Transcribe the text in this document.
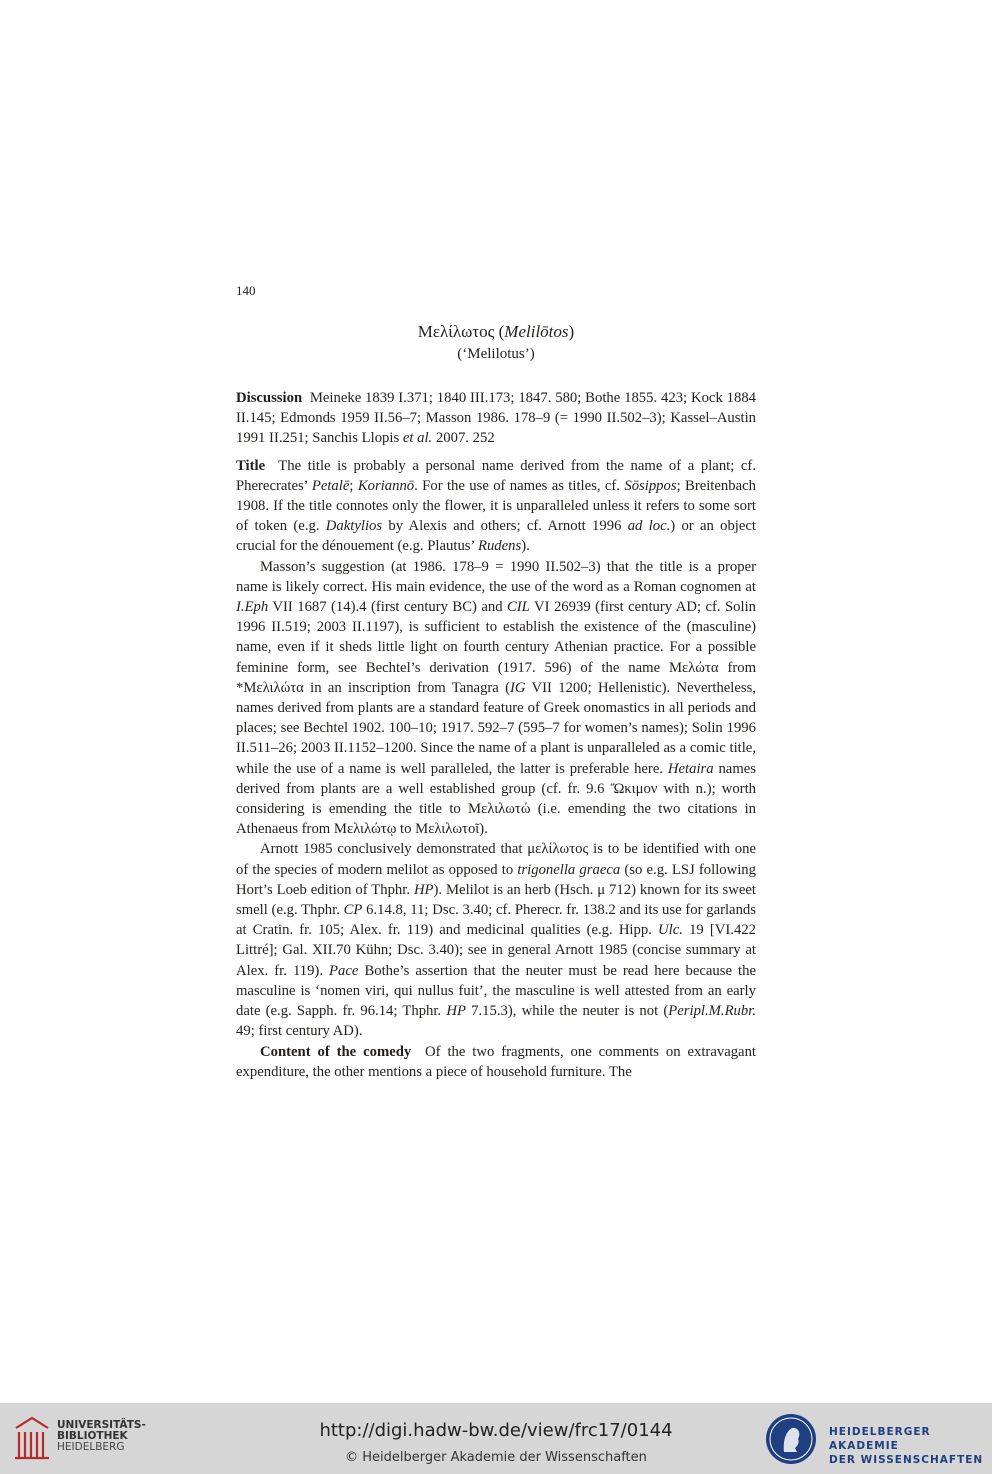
140
Μελίλωτος (Melilōtos)
(‘Melilotus’)

Discussion Meineke 1839 I.371; 1840 III.173; 1847. 580; Bothe 1855. 423; Kock 1884 II.145; Edmonds 1959 II.56–7; Masson 1986. 178–9 (= 1990 II.502–3); Kassel–Austin 1991 II.251; Sanchis Llopis et al. 2007. 252

Title The title is probably a personal name derived from the name of a plant; cf. Pherecrates’ Petalē; Koriannō. For the use of names as titles, cf. Sōsippos; Breitenbach 1908. If the title connotes only the flower, it is unparalleled unless it refers to some sort of token (e.g. Daktylios by Alexis and others; cf. Arnott 1996 ad loc.) or an object crucial for the dénouement (e.g. Plautus’ Rudens).

Masson’s suggestion (at 1986. 178–9 = 1990 II.502–3) that the title is a proper name is likely correct. His main evidence, the use of the word as a Roman cognomen at I.Eph VII 1687 (14).4 (first century BC) and CIL VI 26939 (first century AD; cf. Solin 1996 II.519; 2003 II.1197), is sufficient to establish the existence of the (masculine) name, even if it sheds little light on fourth century Athenian practice. For a possible feminine form, see Bechtel’s derivation (1917. 596) of the name Μελώτα from *Μελιλώτα in an inscription from Tanagra (IG VII 1200; Hellenistic). Nevertheless, names derived from plants are a standard feature of Greek onomastics in all periods and places; see Bechtel 1902. 100–10; 1917. 592–7 (595–7 for women’s names); Solin 1996 II.511–26; 2003 II.1152–1200. Since the name of a plant is unparalleled as a comic title, while the use of a name is well paralleled, the latter is preferable here. Hetaira names derived from plants are a well established group (cf. fr. 9.6 Ὤκιμον with n.); worth considering is emending the title to Μελιλωτώ (i.e. emending the two citations in Athenaeus from Μελιλώτῳ to Μελιλωτοῖ).

Arnott 1985 conclusively demonstrated that μελίλωτος is to be identified with one of the species of modern melilot as opposed to trigonella graeca (so e.g. LSJ following Hort’s Loeb edition of Thphr. HP). Melilot is an herb (Hsch. μ 712) known for its sweet smell (e.g. Thphr. CP 6.14.8, 11; Dsc. 3.40; cf. Pherecr. fr. 138.2 and its use for garlands at Cratin. fr. 105; Alex. fr. 119) and medicinal qualities (e.g. Hipp. Ulc. 19 [VI.422 Littré]; Gal. XII.70 Kühn; Dsc. 3.40); see in general Arnott 1985 (concise summary at Alex. fr. 119). Pace Bothe’s assertion that the neuter must be read here because the masculine is ‘nomen viri, qui nullus fuit’, the masculine is well attested from an early date (e.g. Sapph. fr. 96.14; Thphr. HP 7.15.3), while the neuter is not (Peripl.M.Rubr. 49; first century AD).

Content of the comedy Of the two fragments, one comments on extravagant expenditure, the other mentions a piece of household furniture. The

UNIVERSITÄTS-
BIBLIOTHEK
HEIDELBERG
http://digi.hadw-bw.de/view/frc17/0144
© Heidelberger Akademie der Wissenschaften
HEIDELBERGER AKADEMIE
DER WISSENSCHAFTEN
